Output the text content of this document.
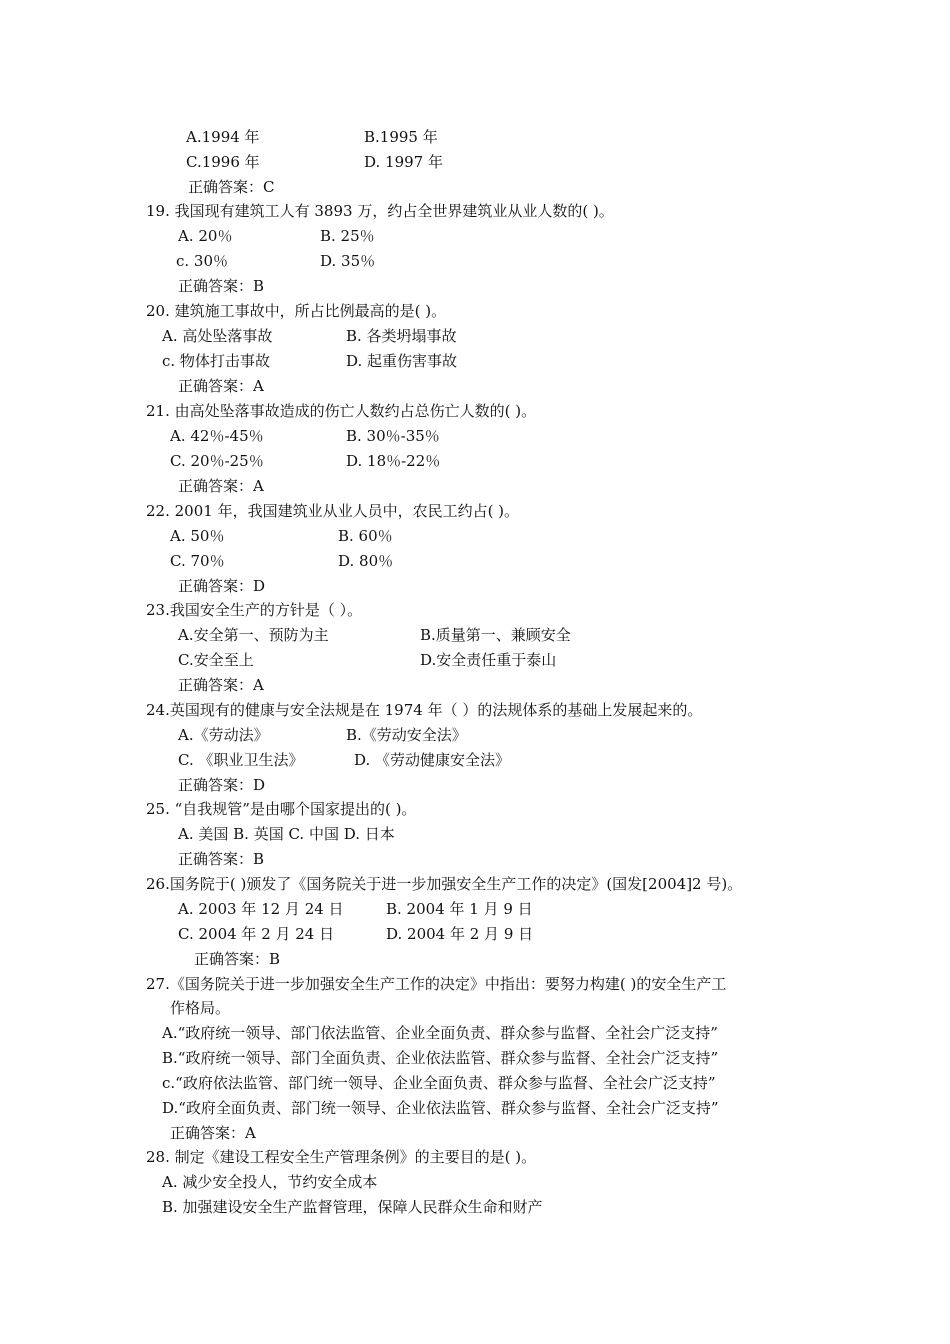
A.1994 年	B.1995 年
C.1996 年	D. 1997 年
正确答案：C
19. 我国现有建筑工人有 3893 万，约占全世界建筑业从业人数的( )。
A. 20％	B. 25％
c. 30％	D. 35％
正确答案：B
20. 建筑施工事故中，所占比例最高的是( )。
A. 高处坠落事故	B. 各类坍塌事故
c. 物体打击事故	D. 起重伤害事故
正确答案：A
21. 由高处坠落事故造成的伤亡人数约占总伤亡人数的( )。
A. 42％-45％	B. 30％-35％
C. 20％-25％	D. 18％-22％
正确答案：A
22. 2001 年，我国建筑业从业人员中，农民工约占( )。
A. 50％	B. 60％
C. 70％	D. 80％
正确答案：D
23.我国安全生产的方针是（ ）。
A.安全第一、预防为主	B.质量第一、兼顾安全
C.安全至上	D.安全责任重于泰山
正确答案：A
24.英国现有的健康与安全法规是在 1974 年（ ）的法规体系的基础上发展起来的。
A.《劳动法》	B.《劳动安全法》
C. 《职业卫生法》	D. 《劳动健康安全法》
正确答案：D
25. “自我规管”是由哪个国家提出的( )。
A. 美国 B. 英国 C. 中国 D. 日本
正确答案：B
26.国务院于( )颁发了《国务院关于进一步加强安全生产工作的决定》(国发[2004]2 号)。
A. 2003 年 12 月 24 日	B. 2004 年 1 月 9 日
C. 2004 年 2 月 24 日	D. 2004 年 2 月 9 日
正确答案：B
27.《国务院关于进一步加强安全生产工作的决定》中指出：要努力构建( )的安全生产工
作格局。
A.“政府统一领导、部门依法监管、企业全面负责、群众参与监督、全社会广泛支持”
B.“政府统一领导、部门全面负责、企业依法监管、群众参与监督、全社会广泛支持”
c.“政府依法监管、部门统一领导、企业全面负责、群众参与监督、全社会广泛支持”
D.“政府全面负责、部门统一领导、企业依法监管、群众参与监督、全社会广泛支持”
正确答案：A
28. 制定《建设工程安全生产管理条例》的主要目的是( )。
A. 减少安全投人，节约安全成本
B. 加强建设安全生产监督管理，保障人民群众生命和财产
